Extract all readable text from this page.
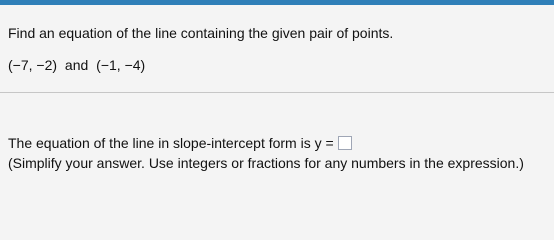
Find an equation of the line containing the given pair of points.

(−7, −2) and (−1, −4)
The equation of the line in slope-intercept form is y =
(Simplify your answer. Use integers or fractions for any numbers in the expression.)
